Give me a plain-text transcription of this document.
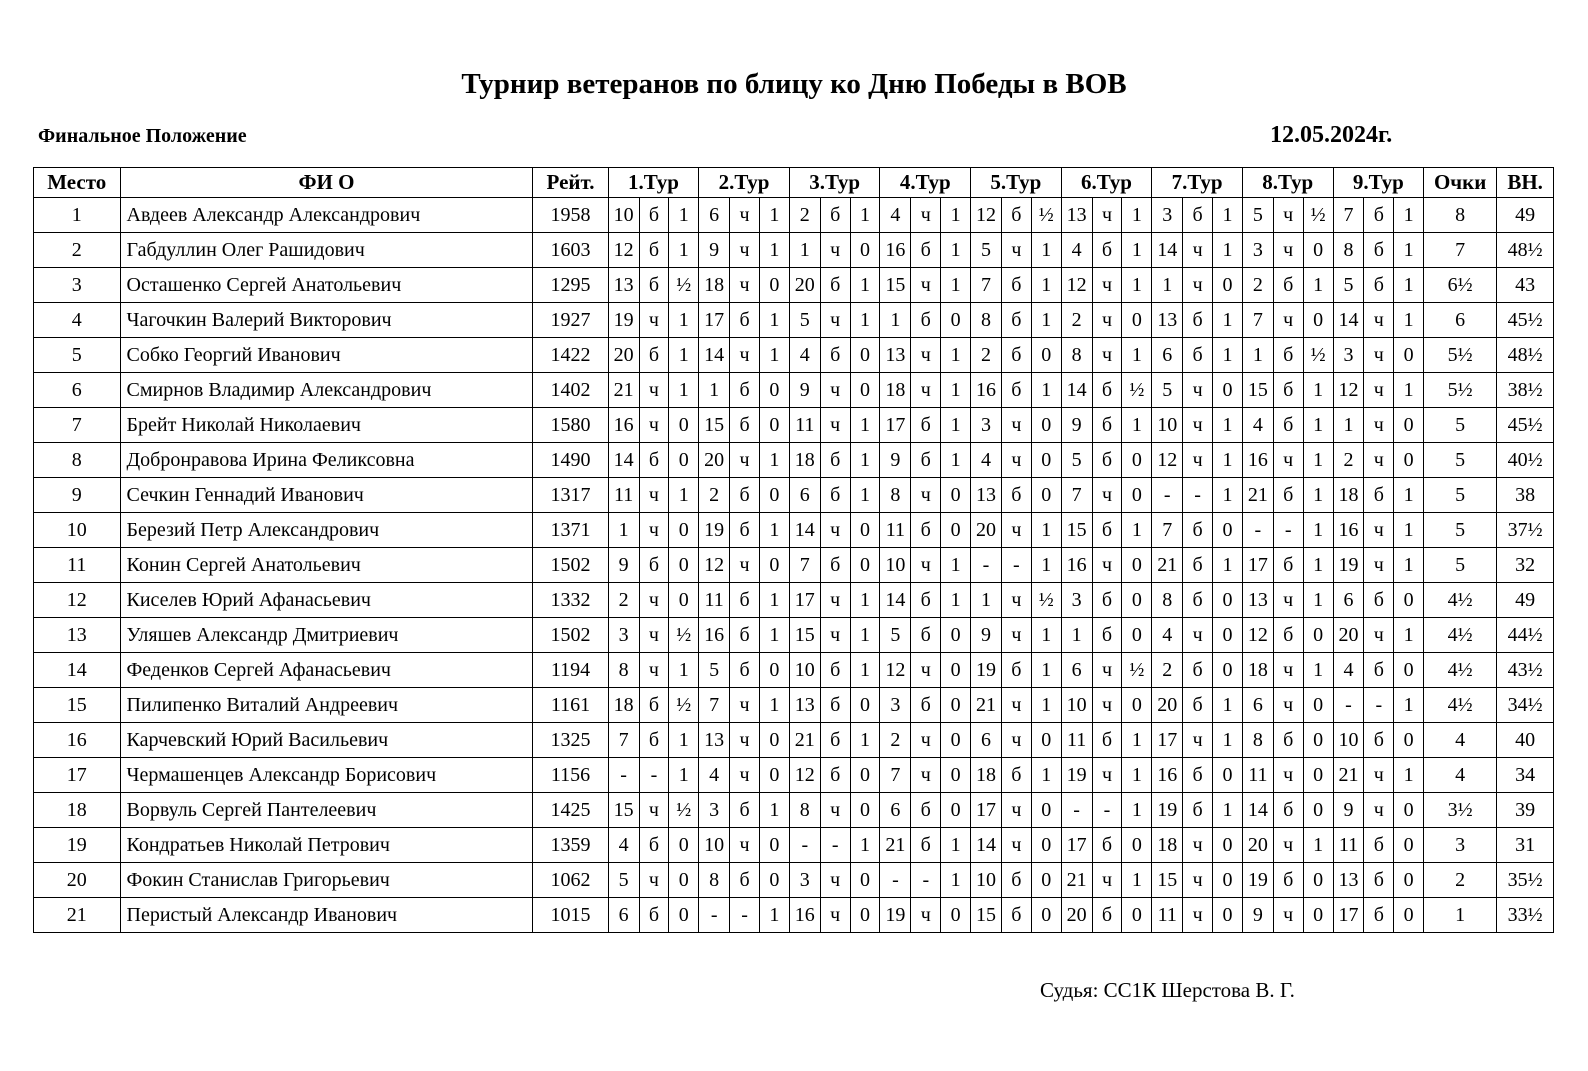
Турнир ветеранов по блицу ко Дню Победы в ВОВ
Финальное Положение	12.05.2024г.
Место	ФИ О	Рейт.	1.Тур			2.Тур			3.Тур			4.Тур			5.Тур			6.Тур			7.Тур			8.Тур			9.Тур			Очки	ВН.
1	Авдеев Александр Александрович	1958	10	б	1	6	ч	1	2	б	1	4	ч	1	12	б	½	13	ч	1	3	б	1	5	ч	½	7	б	1	8	49
2	Габдуллин Олег Рашидович	1603	12	б	1	9	ч	1	1	ч	0	16	б	1	5	ч	1	4	б	1	14	ч	1	3	ч	0	8	б	1	7	48½
3	Осташенко Сергей Анатольевич	1295	13	б	½	18	ч	0	20	б	1	15	ч	1	7	б	1	12	ч	1	1	ч	0	2	б	1	5	б	1	6½	43
4	Чагочкин Валерий Викторович	1927	19	ч	1	17	б	1	5	ч	1	1	б	0	8	б	1	2	ч	0	13	б	1	7	ч	0	14	ч	1	6	45½
5	Собко Георгий Иванович	1422	20	б	1	14	ч	1	4	б	0	13	ч	1	2	б	0	8	ч	1	6	б	1	1	б	½	3	ч	0	5½	48½
6	Смирнов Владимир Александрович	1402	21	ч	1	1	б	0	9	ч	0	18	ч	1	16	б	1	14	б	½	5	ч	0	15	б	1	12	ч	1	5½	38½
7	Брейт Николай Николаевич	1580	16	ч	0	15	б	0	11	ч	1	17	б	1	3	ч	0	9	б	1	10	ч	1	4	б	1	1	ч	0	5	45½
8	Добронравова Ирина Феликсовна	1490	14	б	0	20	ч	1	18	б	1	9	б	1	4	ч	0	5	б	0	12	ч	1	16	ч	1	2	ч	0	5	40½
9	Сечкин Геннадий Иванович	1317	11	ч	1	2	б	0	6	б	1	8	ч	0	13	б	0	7	ч	0	-	-	1	21	б	1	18	б	1	5	38
10	Березий Петр Александрович	1371	1	ч	0	19	б	1	14	ч	0	11	б	0	20	ч	1	15	б	1	7	б	0	-	-	1	16	ч	1	5	37½
11	Конин Сергей Анатольевич	1502	9	б	0	12	ч	0	7	б	0	10	ч	1	-	-	1	16	ч	0	21	б	1	17	б	1	19	ч	1	5	32
12	Киселев Юрий Афанасьевич	1332	2	ч	0	11	б	1	17	ч	1	14	б	1	1	ч	½	3	б	0	8	б	0	13	ч	1	6	б	0	4½	49
13	Уляшев Александр Дмитриевич	1502	3	ч	½	16	б	1	15	ч	1	5	б	0	9	ч	1	1	б	0	4	ч	0	12	б	0	20	ч	1	4½	44½
14	Феденков Сергей Афанасьевич	1194	8	ч	1	5	б	0	10	б	1	12	ч	0	19	б	1	6	ч	½	2	б	0	18	ч	1	4	б	0	4½	43½
15	Пилипенко Виталий Андреевич	1161	18	б	½	7	ч	1	13	б	0	3	б	0	21	ч	1	10	ч	0	20	б	1	6	ч	0	-	-	1	4½	34½
16	Карчевский Юрий Васильевич	1325	7	б	1	13	ч	0	21	б	1	2	ч	0	6	ч	0	11	б	1	17	ч	1	8	б	0	10	б	0	4	40
17	Чермашенцев Александр Борисович	1156	-	-	1	4	ч	0	12	б	0	7	ч	0	18	б	1	19	ч	1	16	б	0	11	ч	0	21	ч	1	4	34
18	Ворвуль Сергей Пантелеевич	1425	15	ч	½	3	б	1	8	ч	0	6	б	0	17	ч	0	-	-	1	19	б	1	14	б	0	9	ч	0	3½	39
19	Кондратьев Николай Петрович	1359	4	б	0	10	ч	0	-	-	1	21	б	1	14	ч	0	17	б	0	18	ч	0	20	ч	1	11	б	0	3	31
20	Фокин Станислав Григорьевич	1062	5	ч	0	8	б	0	3	ч	0	-	-	1	10	б	0	21	ч	1	15	ч	0	19	б	0	13	б	0	2	35½
21	Перистый Александр Иванович	1015	6	б	0	-	-	1	16	ч	0	19	ч	0	15	б	0	20	б	0	11	ч	0	9	ч	0	17	б	0	1	33½
Судья: СС1К Шерстова В. Г.
